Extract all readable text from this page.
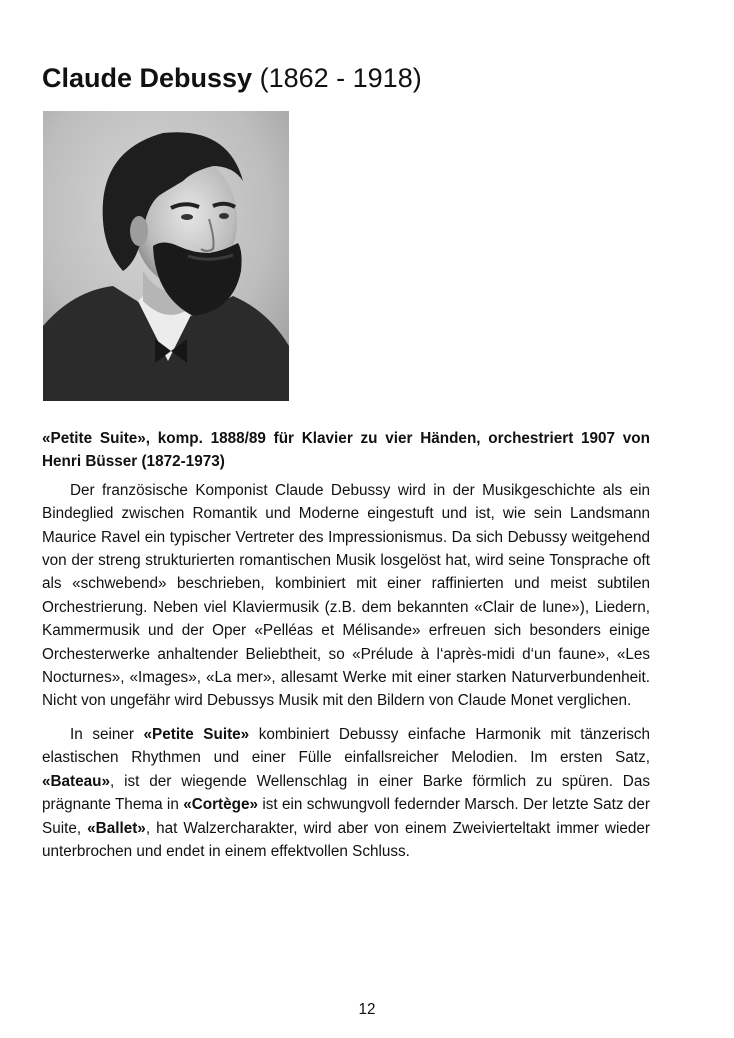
Claude Debussy (1862 - 1918)

«Petite Suite», komp. 1888/89 für Klavier zu vier Händen, orchestriert 1907 von Henri Büsser (1872-1973)

Der französische Komponist Claude Debussy wird in der Musikgeschichte als ein Bindeglied zwischen Romantik und Moderne eingestuft und ist, wie sein Landsmann Maurice Ravel ein typischer Vertreter des Impressionismus. Da sich Debussy weitgehend von der streng strukturierten romantischen Musik losgelöst hat, wird seine Tonsprache oft als «schwebend» beschrieben, kombiniert mit einer raffinierten und meist subtilen Orchestrierung. Neben viel Klaviermusik (z.B. dem bekannten «Clair de lune»), Liedern, Kammermusik und der Oper «Pelléas et Mélisande» erfreuen sich besonders einige Orchesterwerke anhaltender Beliebtheit, so «Prélude à l‘après-midi d‘un faune», «Les Nocturnes», «Images», «La mer», allesamt Werke mit einer starken Naturverbundenheit. Nicht von ungefähr wird Debussys Musik mit den Bildern von Claude Monet verglichen.

In seiner «Petite Suite» kombiniert Debussy einfache Harmonik mit tänzerisch elastischen Rhythmen und einer Fülle einfallsreicher Melodien. Im ersten Satz, «Bateau», ist der wiegende Wellenschlag in einer Barke förmlich zu spüren. Das prägnante Thema in «Cortège» ist ein schwungvoll federnder Marsch. Der letzte Satz der Suite, «Ballet», hat Walzercharakter, wird aber von einem Zweivierteltakt immer wieder unterbrochen und endet in einem effektvollen Schluss.

12
